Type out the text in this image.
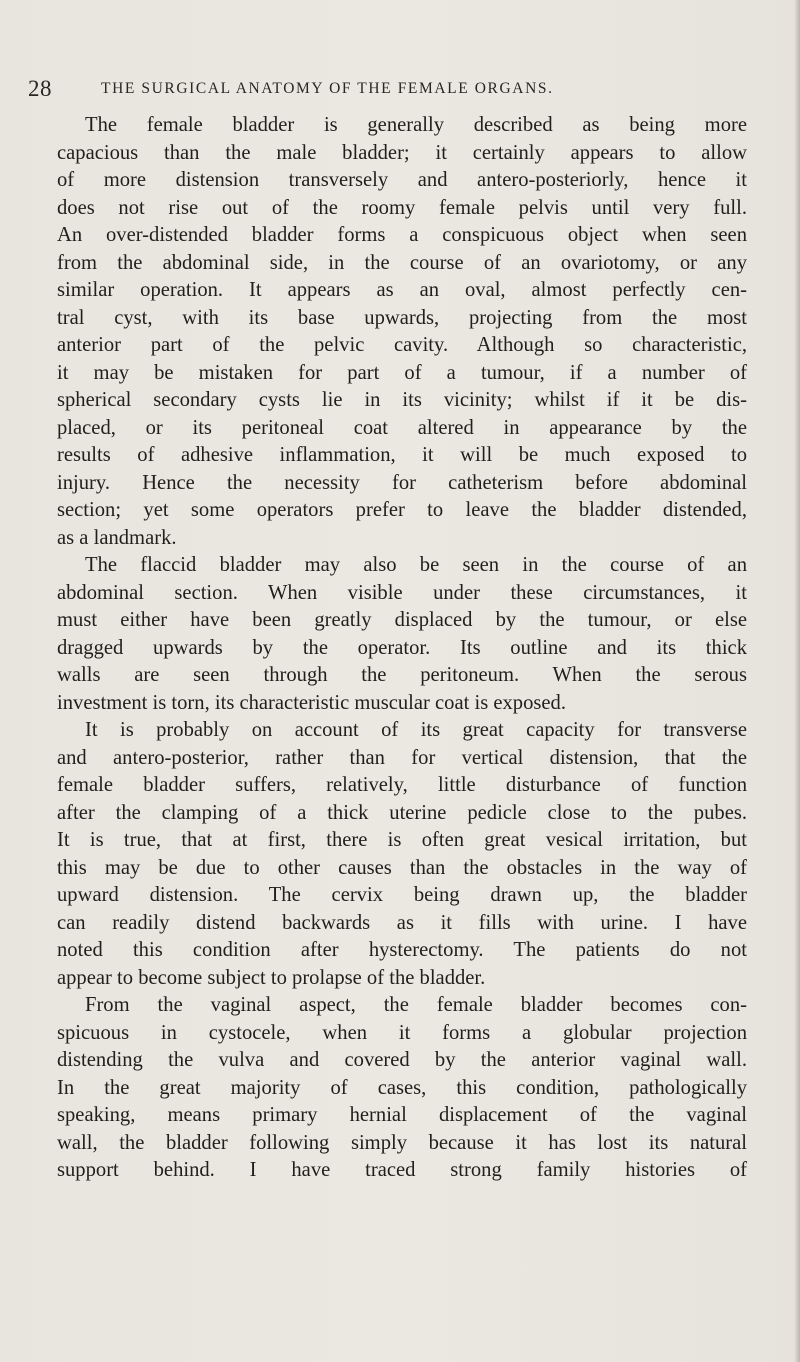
28	THE SURGICAL ANATOMY OF THE FEMALE ORGANS.
The female bladder is generally described as being more
capacious than the male bladder; it certainly appears to allow
of more distension transversely and antero-posteriorly, hence it
does not rise out of the roomy female pelvis until very full.
An over-distended bladder forms a conspicuous object when seen
from the abdominal side, in the course of an ovariotomy, or any
similar operation. It appears as an oval, almost perfectly cen-
tral cyst, with its base upwards, projecting from the most
anterior part of the pelvic cavity. Although so characteristic,
it may be mistaken for part of a tumour, if a number of
spherical secondary cysts lie in its vicinity; whilst if it be dis-
placed, or its peritoneal coat altered in appearance by the
results of adhesive inflammation, it will be much exposed to
injury. Hence the necessity for catheterism before abdominal
section; yet some operators prefer to leave the bladder distended,
as a landmark.
The flaccid bladder may also be seen in the course of an
abdominal section. When visible under these circumstances, it
must either have been greatly displaced by the tumour, or else
dragged upwards by the operator. Its outline and its thick
walls are seen through the peritoneum. When the serous
investment is torn, its characteristic muscular coat is exposed.
It is probably on account of its great capacity for transverse
and antero-posterior, rather than for vertical distension, that the
female bladder suffers, relatively, little disturbance of function
after the clamping of a thick uterine pedicle close to the pubes.
It is true, that at first, there is often great vesical irritation, but
this may be due to other causes than the obstacles in the way of
upward distension. The cervix being drawn up, the bladder
can readily distend backwards as it fills with urine. I have
noted this condition after hysterectomy. The patients do not
appear to become subject to prolapse of the bladder.
From the vaginal aspect, the female bladder becomes con-
spicuous in cystocele, when it forms a globular projection
distending the vulva and covered by the anterior vaginal wall.
In the great majority of cases, this condition, pathologically
speaking, means primary hernial displacement of the vaginal
wall, the bladder following simply because it has lost its natural
support behind. I have traced strong family histories of
